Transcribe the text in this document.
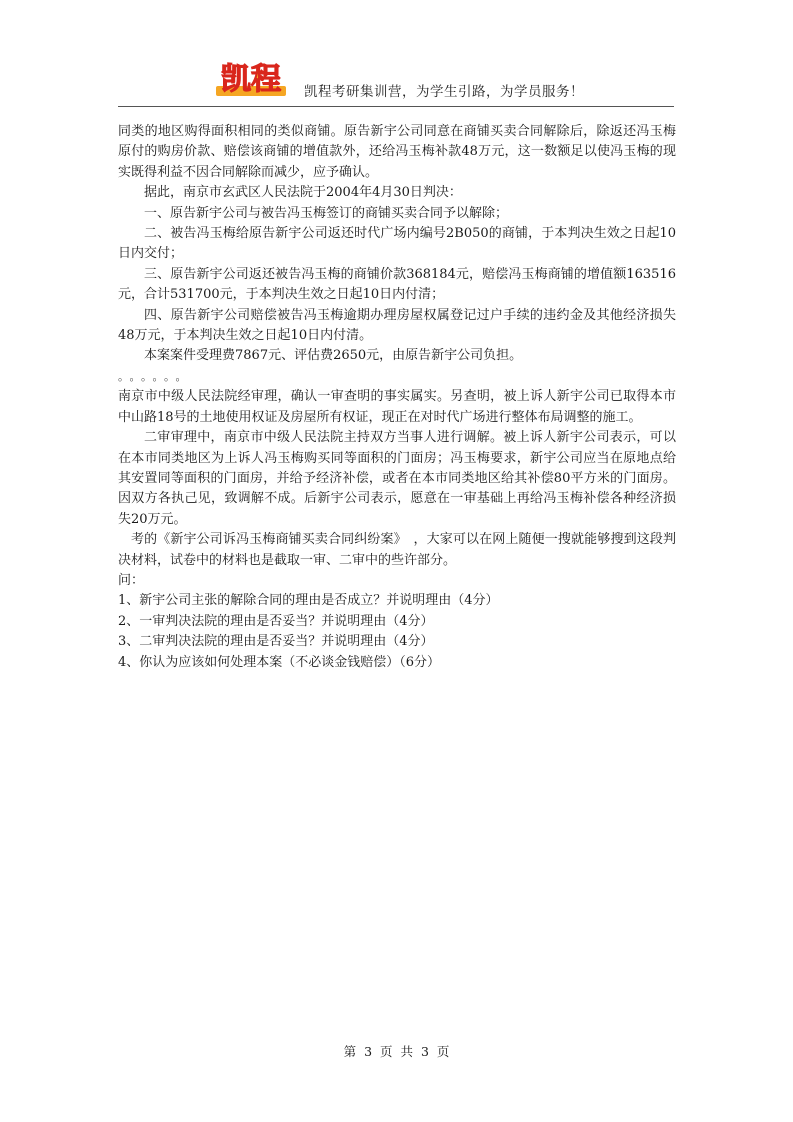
凯程 凯程考研集训营，为学生引路，为学员服务！

同类的地区购得面积相同的类似商铺。原告新宇公司同意在商铺买卖合同解除后，除返还冯玉梅原付的购房价款、赔偿该商铺的增值款外，还给冯玉梅补款48万元，这一数额足以使冯玉梅的现实既得利益不因合同解除而减少，应予确认。

据此，南京市玄武区人民法院于2004年4月30日判决：

一、原告新宇公司与被告冯玉梅签订的商铺买卖合同予以解除；

二、被告冯玉梅给原告新宇公司返还时代广场内编号2B050的商铺，于本判决生效之日起10日内交付；

三、原告新宇公司返还被告冯玉梅的商铺价款368184元，赔偿冯玉梅商铺的增值额163516元，合计531700元，于本判决生效之日起10日内付清；

四、原告新宇公司赔偿被告冯玉梅逾期办理房屋权属登记过户手续的违约金及其他经济损失48万元，于本判决生效之日起10日内付清。

本案案件受理费7867元、评估费2650元，由原告新宇公司负担。

。。。。。。

南京市中级人民法院经审理，确认一审查明的事实属实。另查明，被上诉人新宇公司已取得本市中山路18号的土地使用权证及房屋所有权证，现正在对时代广场进行整体布局调整的施工。

二审审理中，南京市中级人民法院主持双方当事人进行调解。被上诉人新宇公司表示，可以在本市同类地区为上诉人冯玉梅购买同等面积的门面房；冯玉梅要求，新宇公司应当在原地点给其安置同等面积的门面房，并给予经济补偿，或者在本市同类地区给其补偿80平方米的门面房。因双方各执己见，致调解不成。后新宇公司表示，愿意在一审基础上再给冯玉梅补偿各种经济损失20万元。

考的《新宇公司诉冯玉梅商铺买卖合同纠纷案》　，大家可以在网上随便一搜就能够搜到这段判决材料，试卷中的材料也是截取一审、二审中的些许部分。

问：

1、新宇公司主张的解除合同的理由是否成立？并说明理由（4分）

2、一审判决法院的理由是否妥当？并说明理由（4分）

3、二审判决法院的理由是否妥当？并说明理由（4分）

4、你认为应该如何处理本案（不必谈金钱赔偿）（6分）

第 3 页 共 3 页
